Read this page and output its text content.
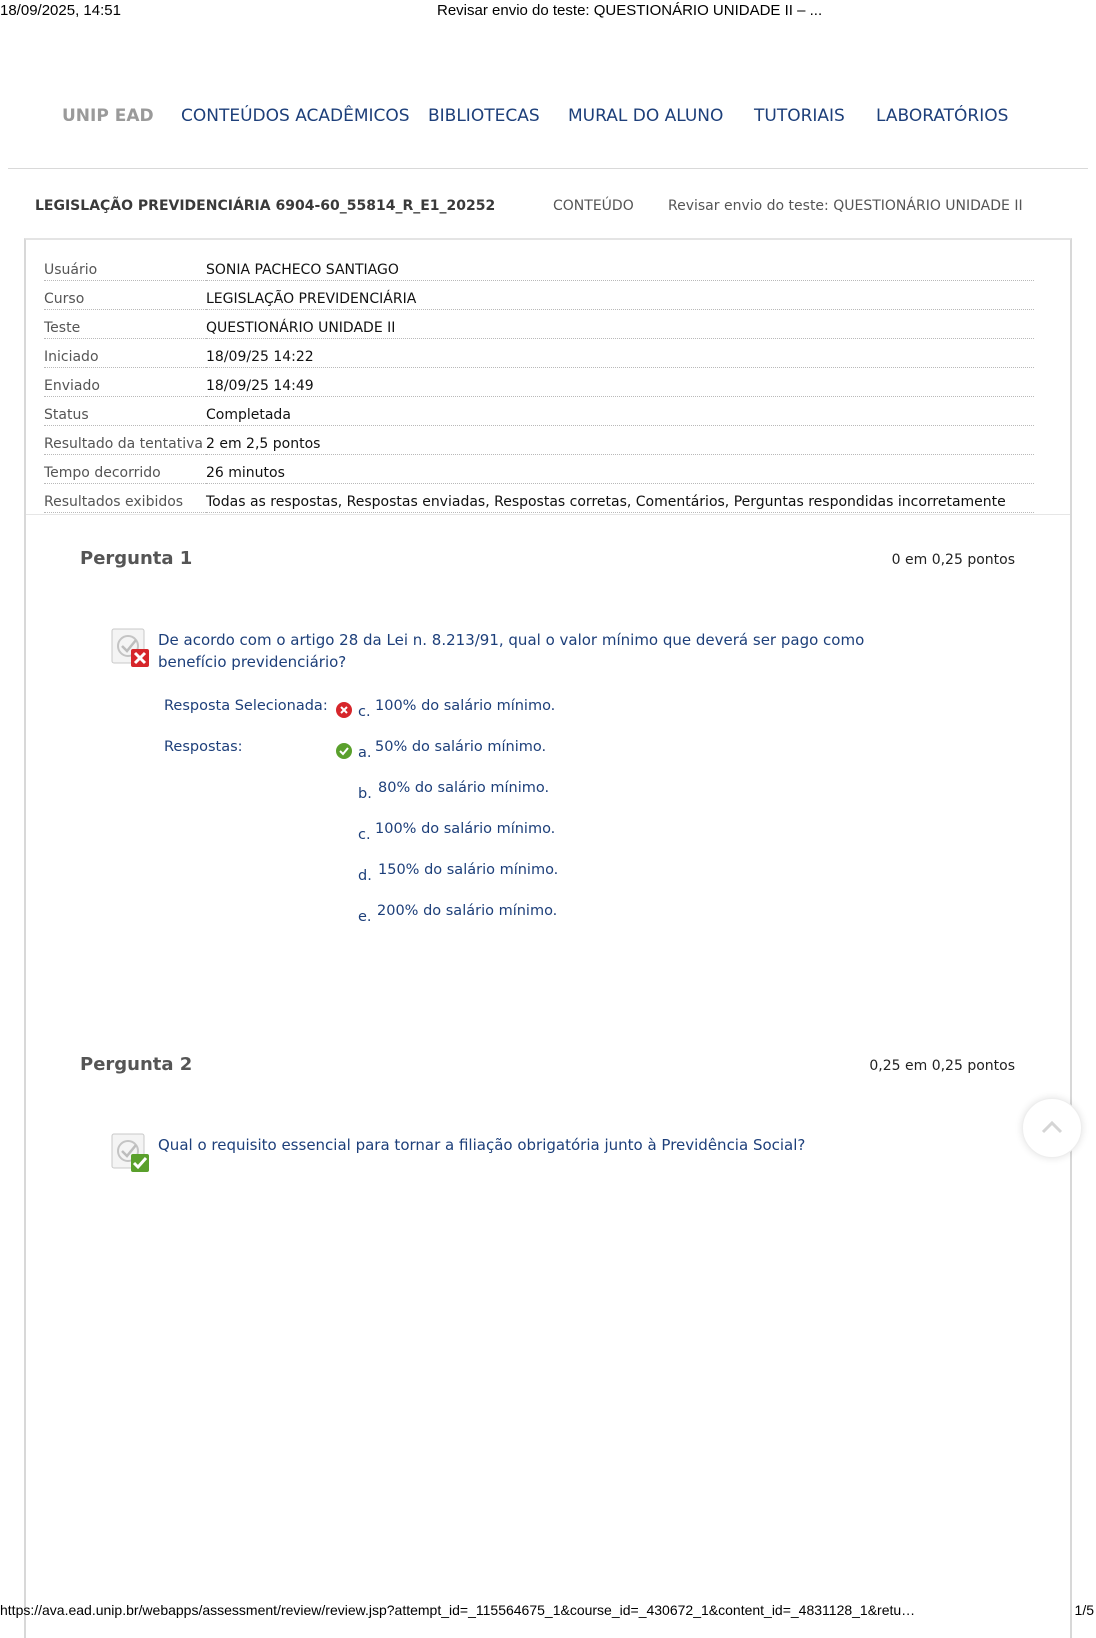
18/09/2025, 14:51	Revisar envio do teste: QUESTIONÁRIO UNIDADE II – ...
UNIP EAD CONTEÚDOS ACADÊMICOS BIBLIOTECAS MURAL DO ALUNO TUTORIAIS LABORATÓRIOS
LEGISLAÇÃO PREVIDENCIÁRIA 6904-60_55814_R_E1_20252	CONTEÚDO Revisar envio do teste: QUESTIONÁRIO UNIDADE II
Usuário	SONIA PACHECO SANTIAGO
Curso	LEGISLAÇÃO PREVIDENCIÁRIA
Teste	QUESTIONÁRIO UNIDADE II
Iniciado	18/09/25 14:22
Enviado	18/09/25 14:49
Status	Completada
Resultado da tentativa	2 em 2,5 pontos
Tempo decorrido	26 minutos
Resultados exibidos	Todas as respostas, Respostas enviadas, Respostas corretas, Comentários, Perguntas respondidas incorretamente
Pergunta 1	0 em 0,25 pontos
De acordo com o artigo 28 da Lei n. 8.213/91, qual o valor mínimo que deverá ser pago como benefício previdenciário?
Resposta Selecionada: c. 100% do salário mínimo.
Respostas:	a. 50% do salário mínimo.
b. 80% do salário mínimo.
c. 100% do salário mínimo.
d. 150% do salário mínimo.
e. 200% do salário mínimo.
Pergunta 2	0,25 em 0,25 pontos
Qual o requisito essencial para tornar a filiação obrigatória junto à Previdência Social?
https://ava.ead.unip.br/webapps/assessment/review/review.jsp?attempt_id=_115564675_1&course_id=_430672_1&content_id=_4831128_1&retu…	1/5
